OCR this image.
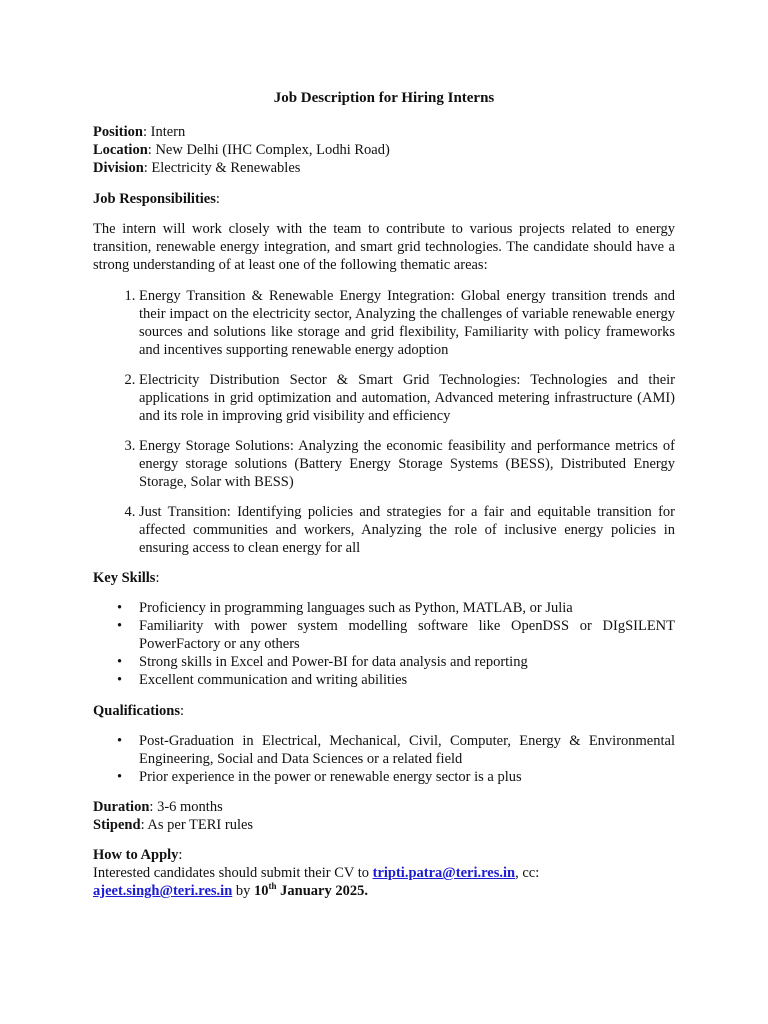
Job Description for Hiring Interns

Position: Intern

Location: New Delhi (IHC Complex, Lodhi Road)

Division: Electricity & Renewables

Job Responsibilities:

The intern will work closely with the team to contribute to various projects related to energy transition, renewable energy integration, and smart grid technologies. The candidate should have a strong understanding of at least one of the following thematic areas:

1. Energy Transition & Renewable Energy Integration: Global energy transition trends and their impact on the electricity sector, Analyzing the challenges of variable renewable energy sources and solutions like storage and grid flexibility, Familiarity with policy frameworks and incentives supporting renewable energy adoption
2. Electricity Distribution Sector & Smart Grid Technologies: Technologies and their applications in grid optimization and automation, Advanced metering infrastructure (AMI) and its role in improving grid visibility and efficiency
3. Energy Storage Solutions: Analyzing the economic feasibility and performance metrics of energy storage solutions (Battery Energy Storage Systems (BESS), Distributed Energy Storage, Solar with BESS)
4. Just Transition: Identifying policies and strategies for a fair and equitable transition for affected communities and workers, Analyzing the role of inclusive energy policies in ensuring access to clean energy for all

Key Skills:

• Proficiency in programming languages such as Python, MATLAB, or Julia
• Familiarity with power system modelling software like OpenDSS or DIgSILENT PowerFactory or any others
• Strong skills in Excel and Power-BI for data analysis and reporting
• Excellent communication and writing abilities

Qualifications:

• Post-Graduation in Electrical, Mechanical, Civil, Computer, Energy & Environmental Engineering, Social and Data Sciences or a related field
• Prior experience in the power or renewable energy sector is a plus

Duration: 3-6 months

Stipend: As per TERI rules

How to Apply:

Interested candidates should submit their CV to tripti.patra@teri.res.in, cc:
ajeet.singh@teri.res.in by 10th January 2025.
